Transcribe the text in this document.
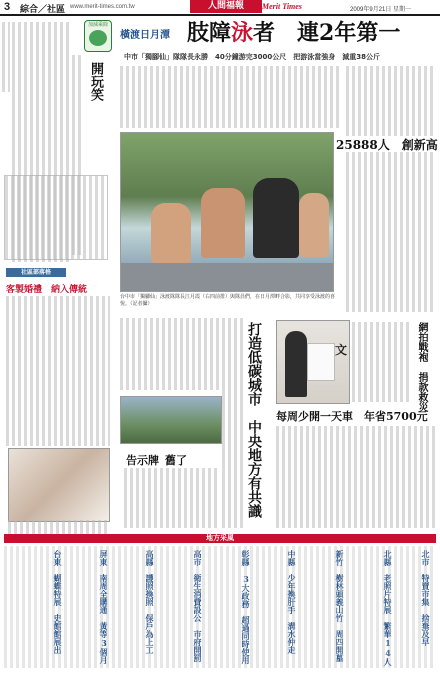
3 綜合／社區 www.merit-times.com.tw	人間福報	Merit Times	2009年9月21日 星期一
加減乘除
開玩笑
社區部落格
客製婚禮　納入傳統
橫渡日月潭 肢障泳者　連2年第一
中市「獨腳仙」隊隊長永勝　40分鐘游完3000公尺　把游泳當強身　減重38公斤
25888人　創新高
台中市「獨腳仙」泳渡隊隊長江月霞（右四前排）與隊員們，在日月潭畔合影，共同享受泳渡的喜悅。（記者攝）
打造低碳城市　中央地方有共識	文	網拍戰袍　捐款救災
每周少開一天車　年省5700元
告示牌 舊了
地方采風
北市　特賣市集　捨棄及早
北縣　老照片特展　繁華14人
新竹　樹林頭義山竹　周四開墓
中縣　少年換肝手　溝水仲走
彰縣　3大政務　超過同時使用
高市　衛生消費設公　市府開罰
高縣　護照換照　保戶為上工
屏東　南周全購通　黃等3個月
台東　蝴蝶特展　史館館展出
